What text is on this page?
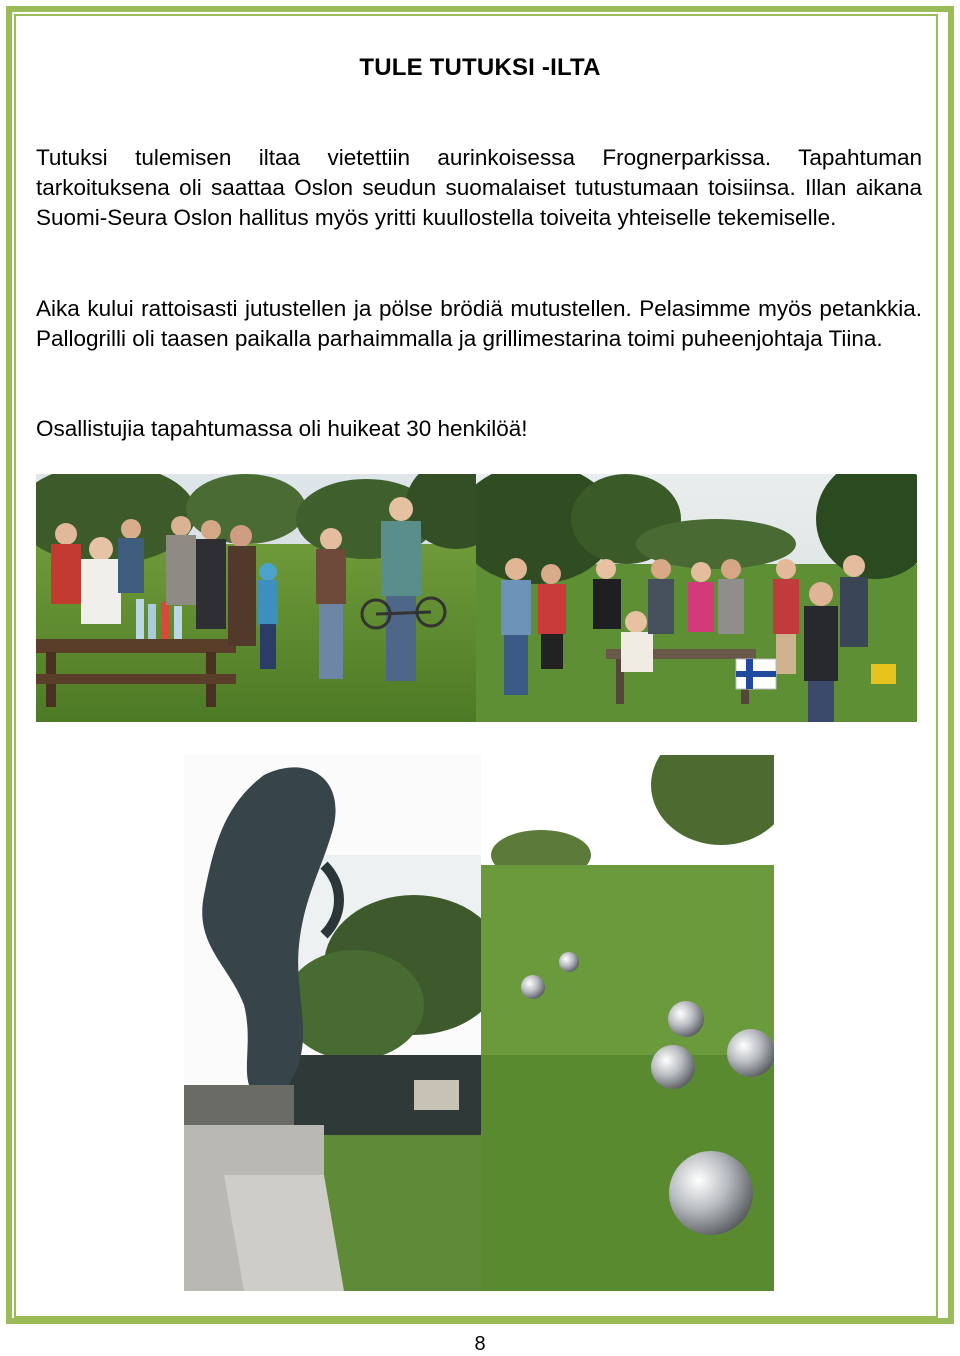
TULE TUTUKSI -ILTA

Tutuksi tulemisen iltaa vietettiin aurinkoisessa Frognerparkissa. Tapahtuman tarkoituksena oli saattaa Oslon seudun suomalaiset tutustumaan toisiinsa. Illan aikana Suomi-Seura Oslon hallitus myös yritti kuullostella toiveita yhteiselle tekemiselle.

Aika kului rattoisasti jutustellen ja pölse brödiä mutustellen. Pelasimme myös petankkia. Pallogrilli oli taasen paikalla parhaimmalla ja grillimestarina toimi puheenjohtaja Tiina.

Osallistujia tapahtumassa oli huikeat 30 henkilöä!

8
